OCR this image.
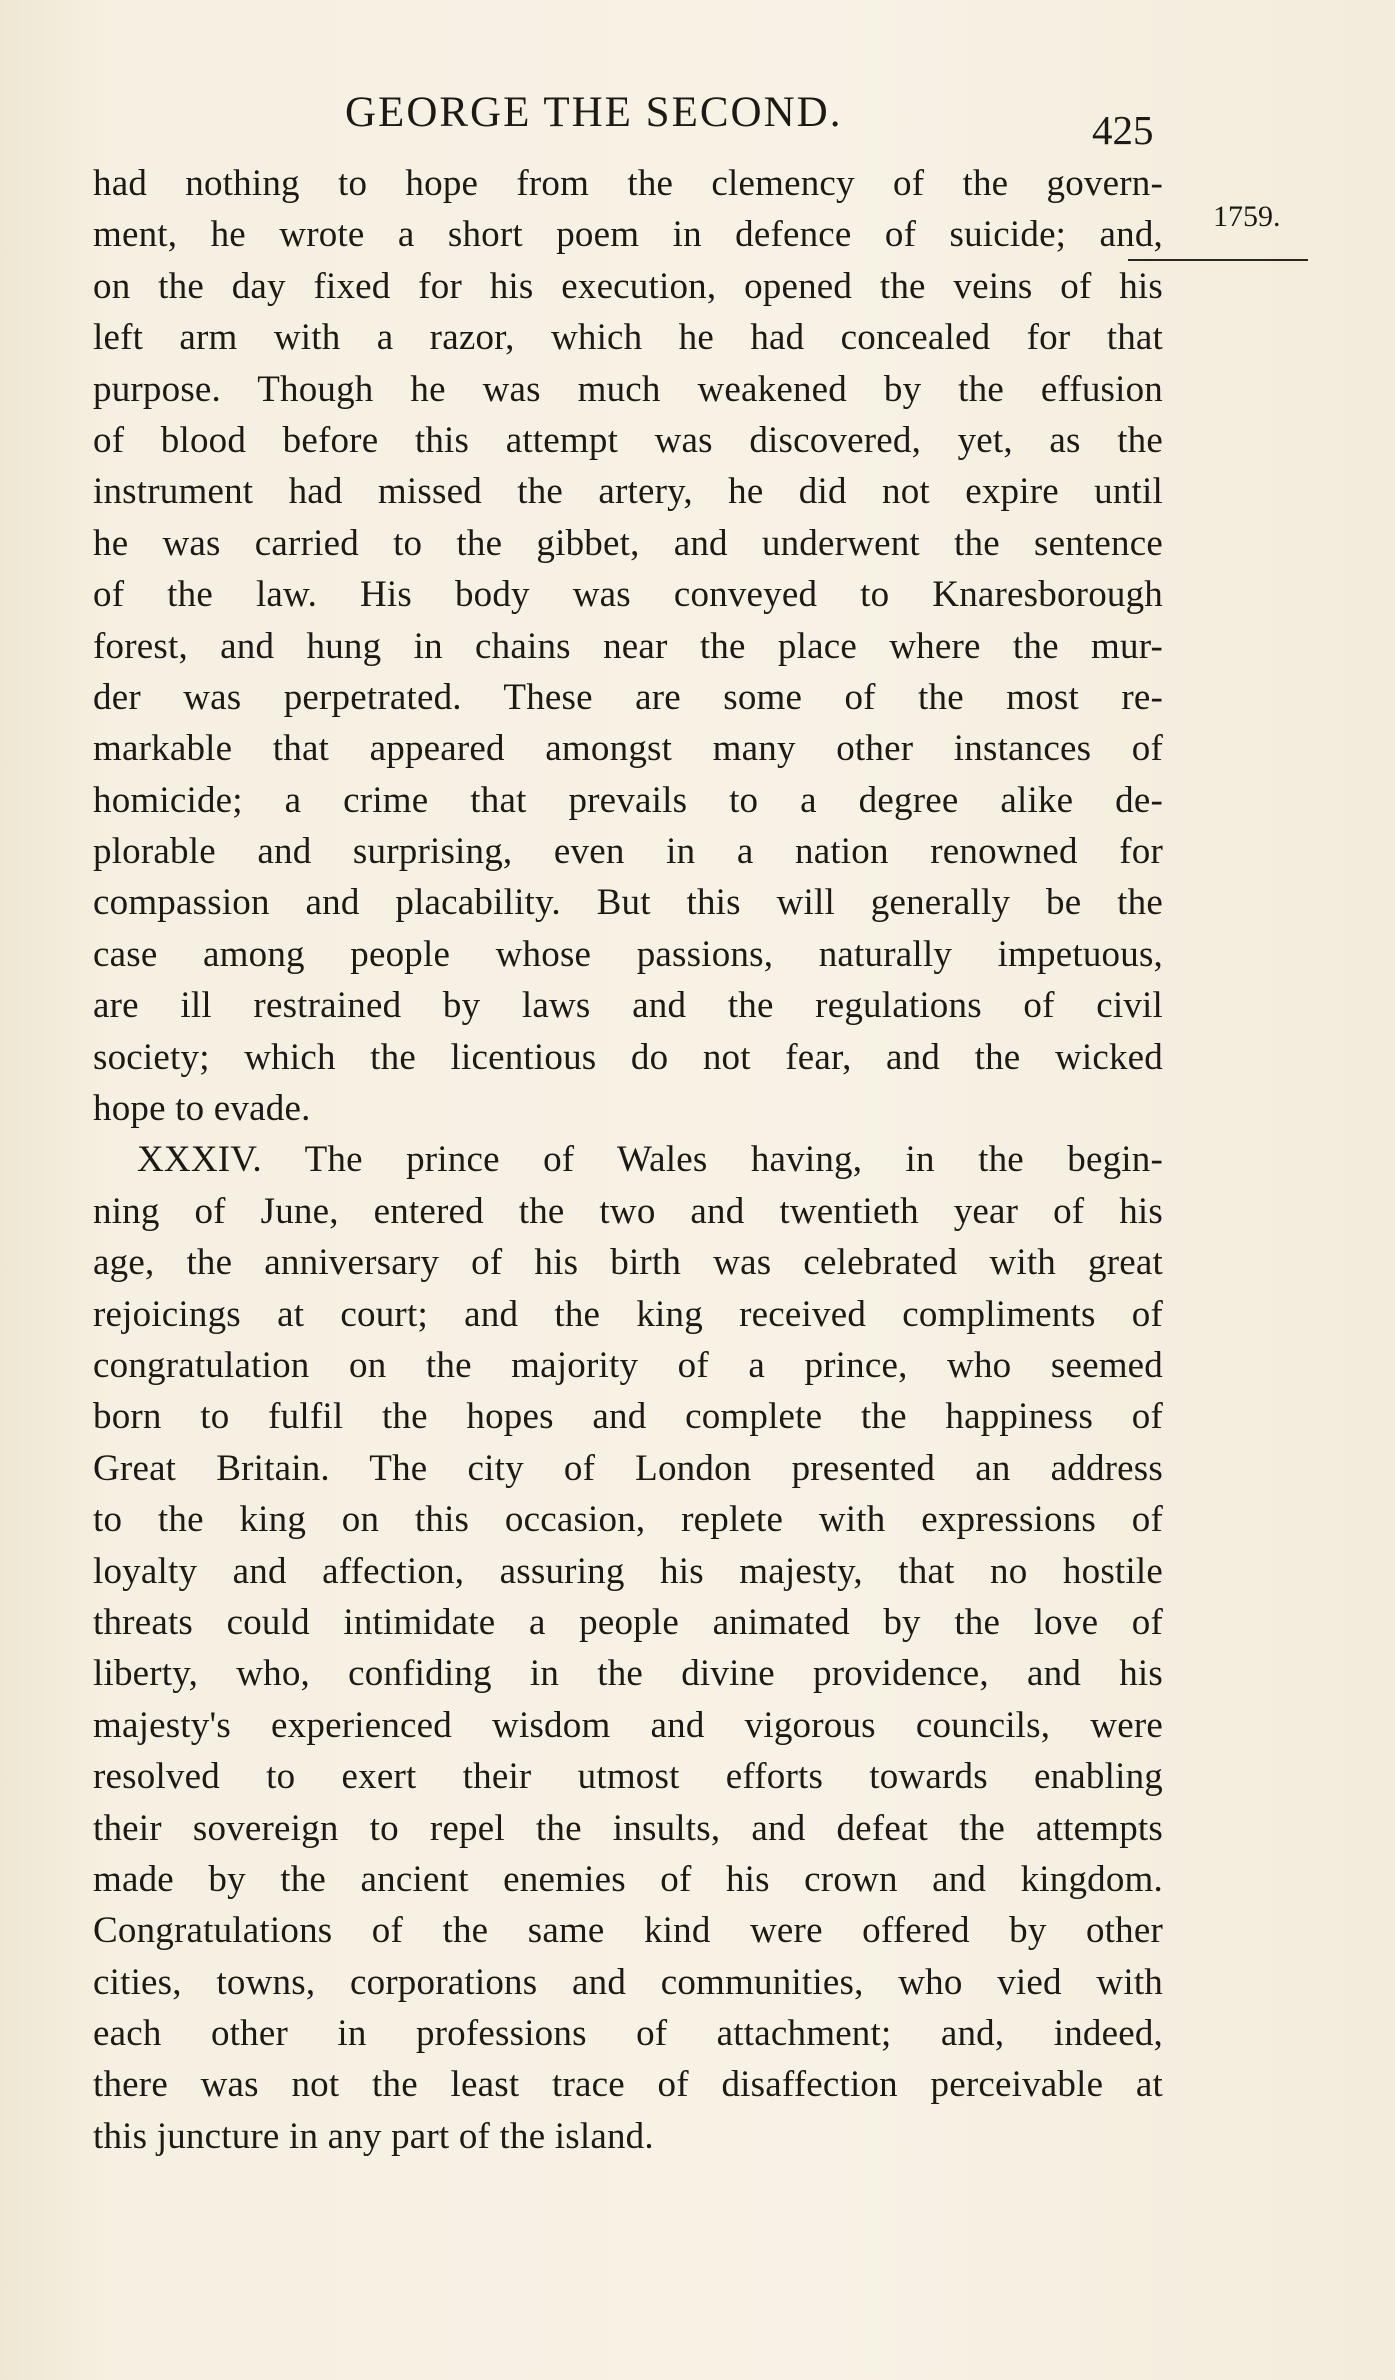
GEORGE THE SECOND.	425
1759.
had nothing to hope from the clemency of the govern-
ment, he wrote a short poem in defence of suicide; and,
on the day fixed for his execution, opened the veins of his
left arm with a razor, which he had concealed for that
purpose. Though he was much weakened by the effusion
of blood before this attempt was discovered, yet, as the
instrument had missed the artery, he did not expire until
he was carried to the gibbet, and underwent the sentence
of the law. His body was conveyed to Knaresborough
forest, and hung in chains near the place where the mur-
der was perpetrated. These are some of the most re-
markable that appeared amongst many other instances of
homicide; a crime that prevails to a degree alike de-
plorable and surprising, even in a nation renowned for
compassion and placability. But this will generally be the
case among people whose passions, naturally impetuous,
are ill restrained by laws and the regulations of civil
society; which the licentious do not fear, and the wicked
hope to evade.
XXXIV. The prince of Wales having, in the begin-
ning of June, entered the two and twentieth year of his
age, the anniversary of his birth was celebrated with great
rejoicings at court; and the king received compliments of
congratulation on the majority of a prince, who seemed
born to fulfil the hopes and complete the happiness of
Great Britain. The city of London presented an address
to the king on this occasion, replete with expressions of
loyalty and affection, assuring his majesty, that no hostile
threats could intimidate a people animated by the love of
liberty, who, confiding in the divine providence, and his
majesty's experienced wisdom and vigorous councils, were
resolved to exert their utmost efforts towards enabling
their sovereign to repel the insults, and defeat the attempts
made by the ancient enemies of his crown and kingdom.
Congratulations of the same kind were offered by other
cities, towns, corporations and communities, who vied with
each other in professions of attachment; and, indeed,
there was not the least trace of disaffection perceivable at
this juncture in any part of the island.
